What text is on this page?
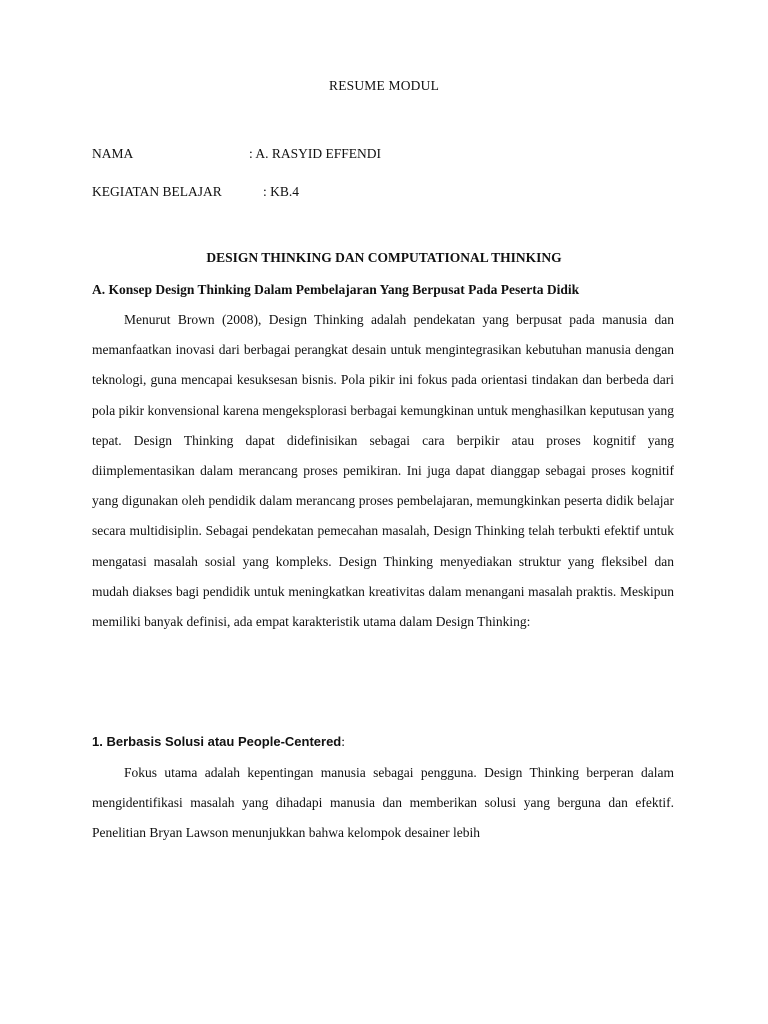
RESUME MODUL
NAMA	: A. RASYID EFFENDI
KEGIATAN BELAJAR	: KB.4
DESIGN THINKING DAN COMPUTATIONAL THINKING
A. Konsep Design Thinking Dalam Pembelajaran Yang Berpusat Pada Peserta Didik

Menurut Brown (2008), Design Thinking adalah pendekatan yang berpusat pada manusia dan memanfaatkan inovasi dari berbagai perangkat desain untuk mengintegrasikan kebutuhan manusia dengan teknologi, guna mencapai kesuksesan bisnis. Pola pikir ini fokus pada orientasi tindakan dan berbeda dari pola pikir konvensional karena mengeksplorasi berbagai kemungkinan untuk menghasilkan keputusan yang tepat. Design Thinking dapat didefinisikan sebagai cara berpikir atau proses kognitif yang diimplementasikan dalam merancang proses pemikiran. Ini juga dapat dianggap sebagai proses kognitif yang digunakan oleh pendidik dalam merancang proses pembelajaran, memungkinkan peserta didik belajar secara multidisiplin. Sebagai pendekatan pemecahan masalah, Design Thinking telah terbukti efektif untuk mengatasi masalah sosial yang kompleks. Design Thinking menyediakan struktur yang fleksibel dan mudah diakses bagi pendidik untuk meningkatkan kreativitas dalam menangani masalah praktis. Meskipun memiliki banyak definisi, ada empat karakteristik utama dalam Design Thinking:

1. Berbasis Solusi atau People-Centered:

Fokus utama adalah kepentingan manusia sebagai pengguna. Design Thinking berperan dalam mengidentifikasi masalah yang dihadapi manusia dan memberikan solusi yang berguna dan efektif. Penelitian Bryan Lawson menunjukkan bahwa kelompok desainer lebih
